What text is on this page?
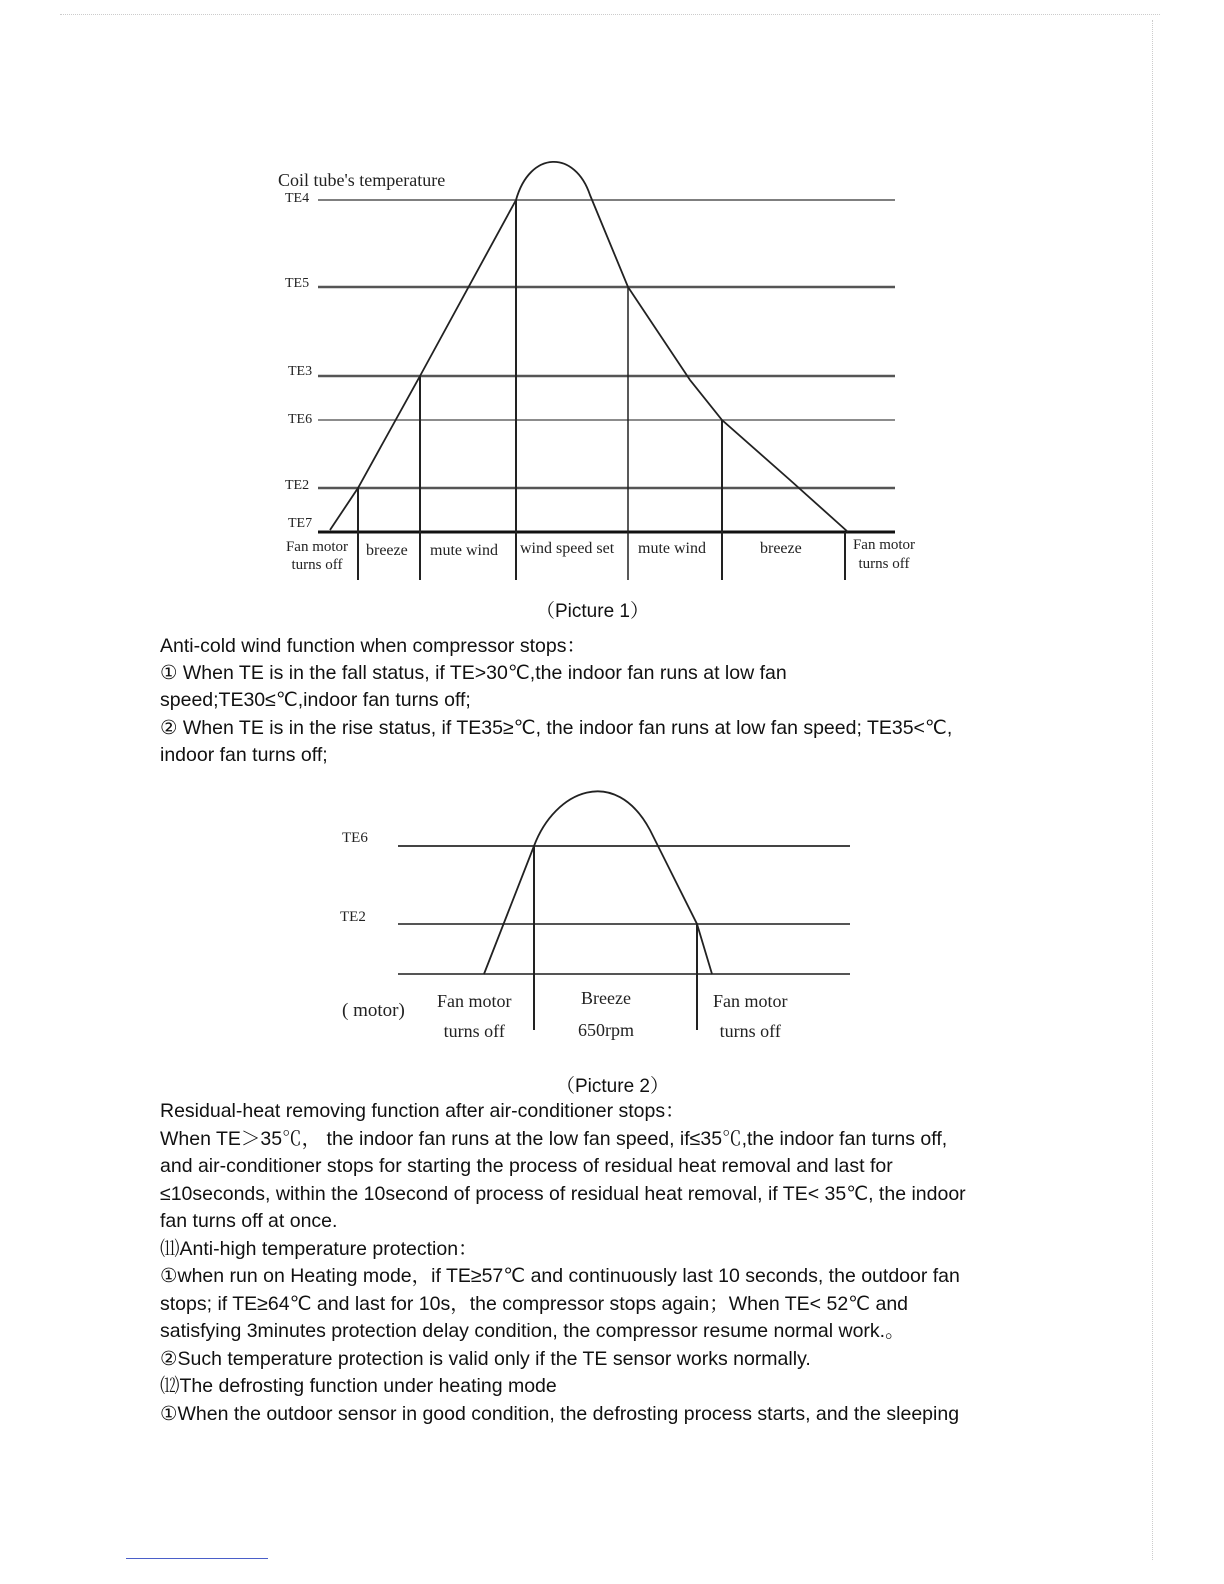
Coil tube's temperature
TE4
TE5
TE3
TE6
TE2
TE7
Fan motor turns off
breeze mute wind wind speed set mute wind	breeze	Fan motor turns off
（Picture 1）
Anti-cold wind function when compressor stops：
① When TE is in the fall status, if TE>30℃,the indoor fan runs at low fan
speed;TE30≤℃,indoor fan turns off;
② When TE is in the rise status, if TE35≥℃, the indoor fan runs at low fan speed; TE35<℃,
indoor fan turns off;
TE6
TE2
( motor) Fan motor
turns off
Breeze
650rpm
Fan motor
turns off
（Picture 2）
Residual-heat removing function after air-conditioner stops：
When TE＞35℃， the indoor fan runs at the low fan speed, if≤35℃,the indoor fan turns off,
and air-conditioner stops for starting the process of residual heat removal and last for
≤10seconds, within the 10second of process of residual heat removal, if TE< 35℃, the indoor
fan turns off at once.
⑾Anti-high temperature protection：
①when run on Heating mode，if TE≥57℃ and continuously last 10 seconds, the outdoor fan
stops; if TE≥64℃ and last for 10s，the compressor stops again；When TE< 52℃ and
satisfying 3minutes protection delay condition, the compressor resume normal work.。
②Such temperature protection is valid only if the TE sensor works normally.
⑿The defrosting function under heating mode
①When the outdoor sensor in good condition, the defrosting process starts, and the sleeping
